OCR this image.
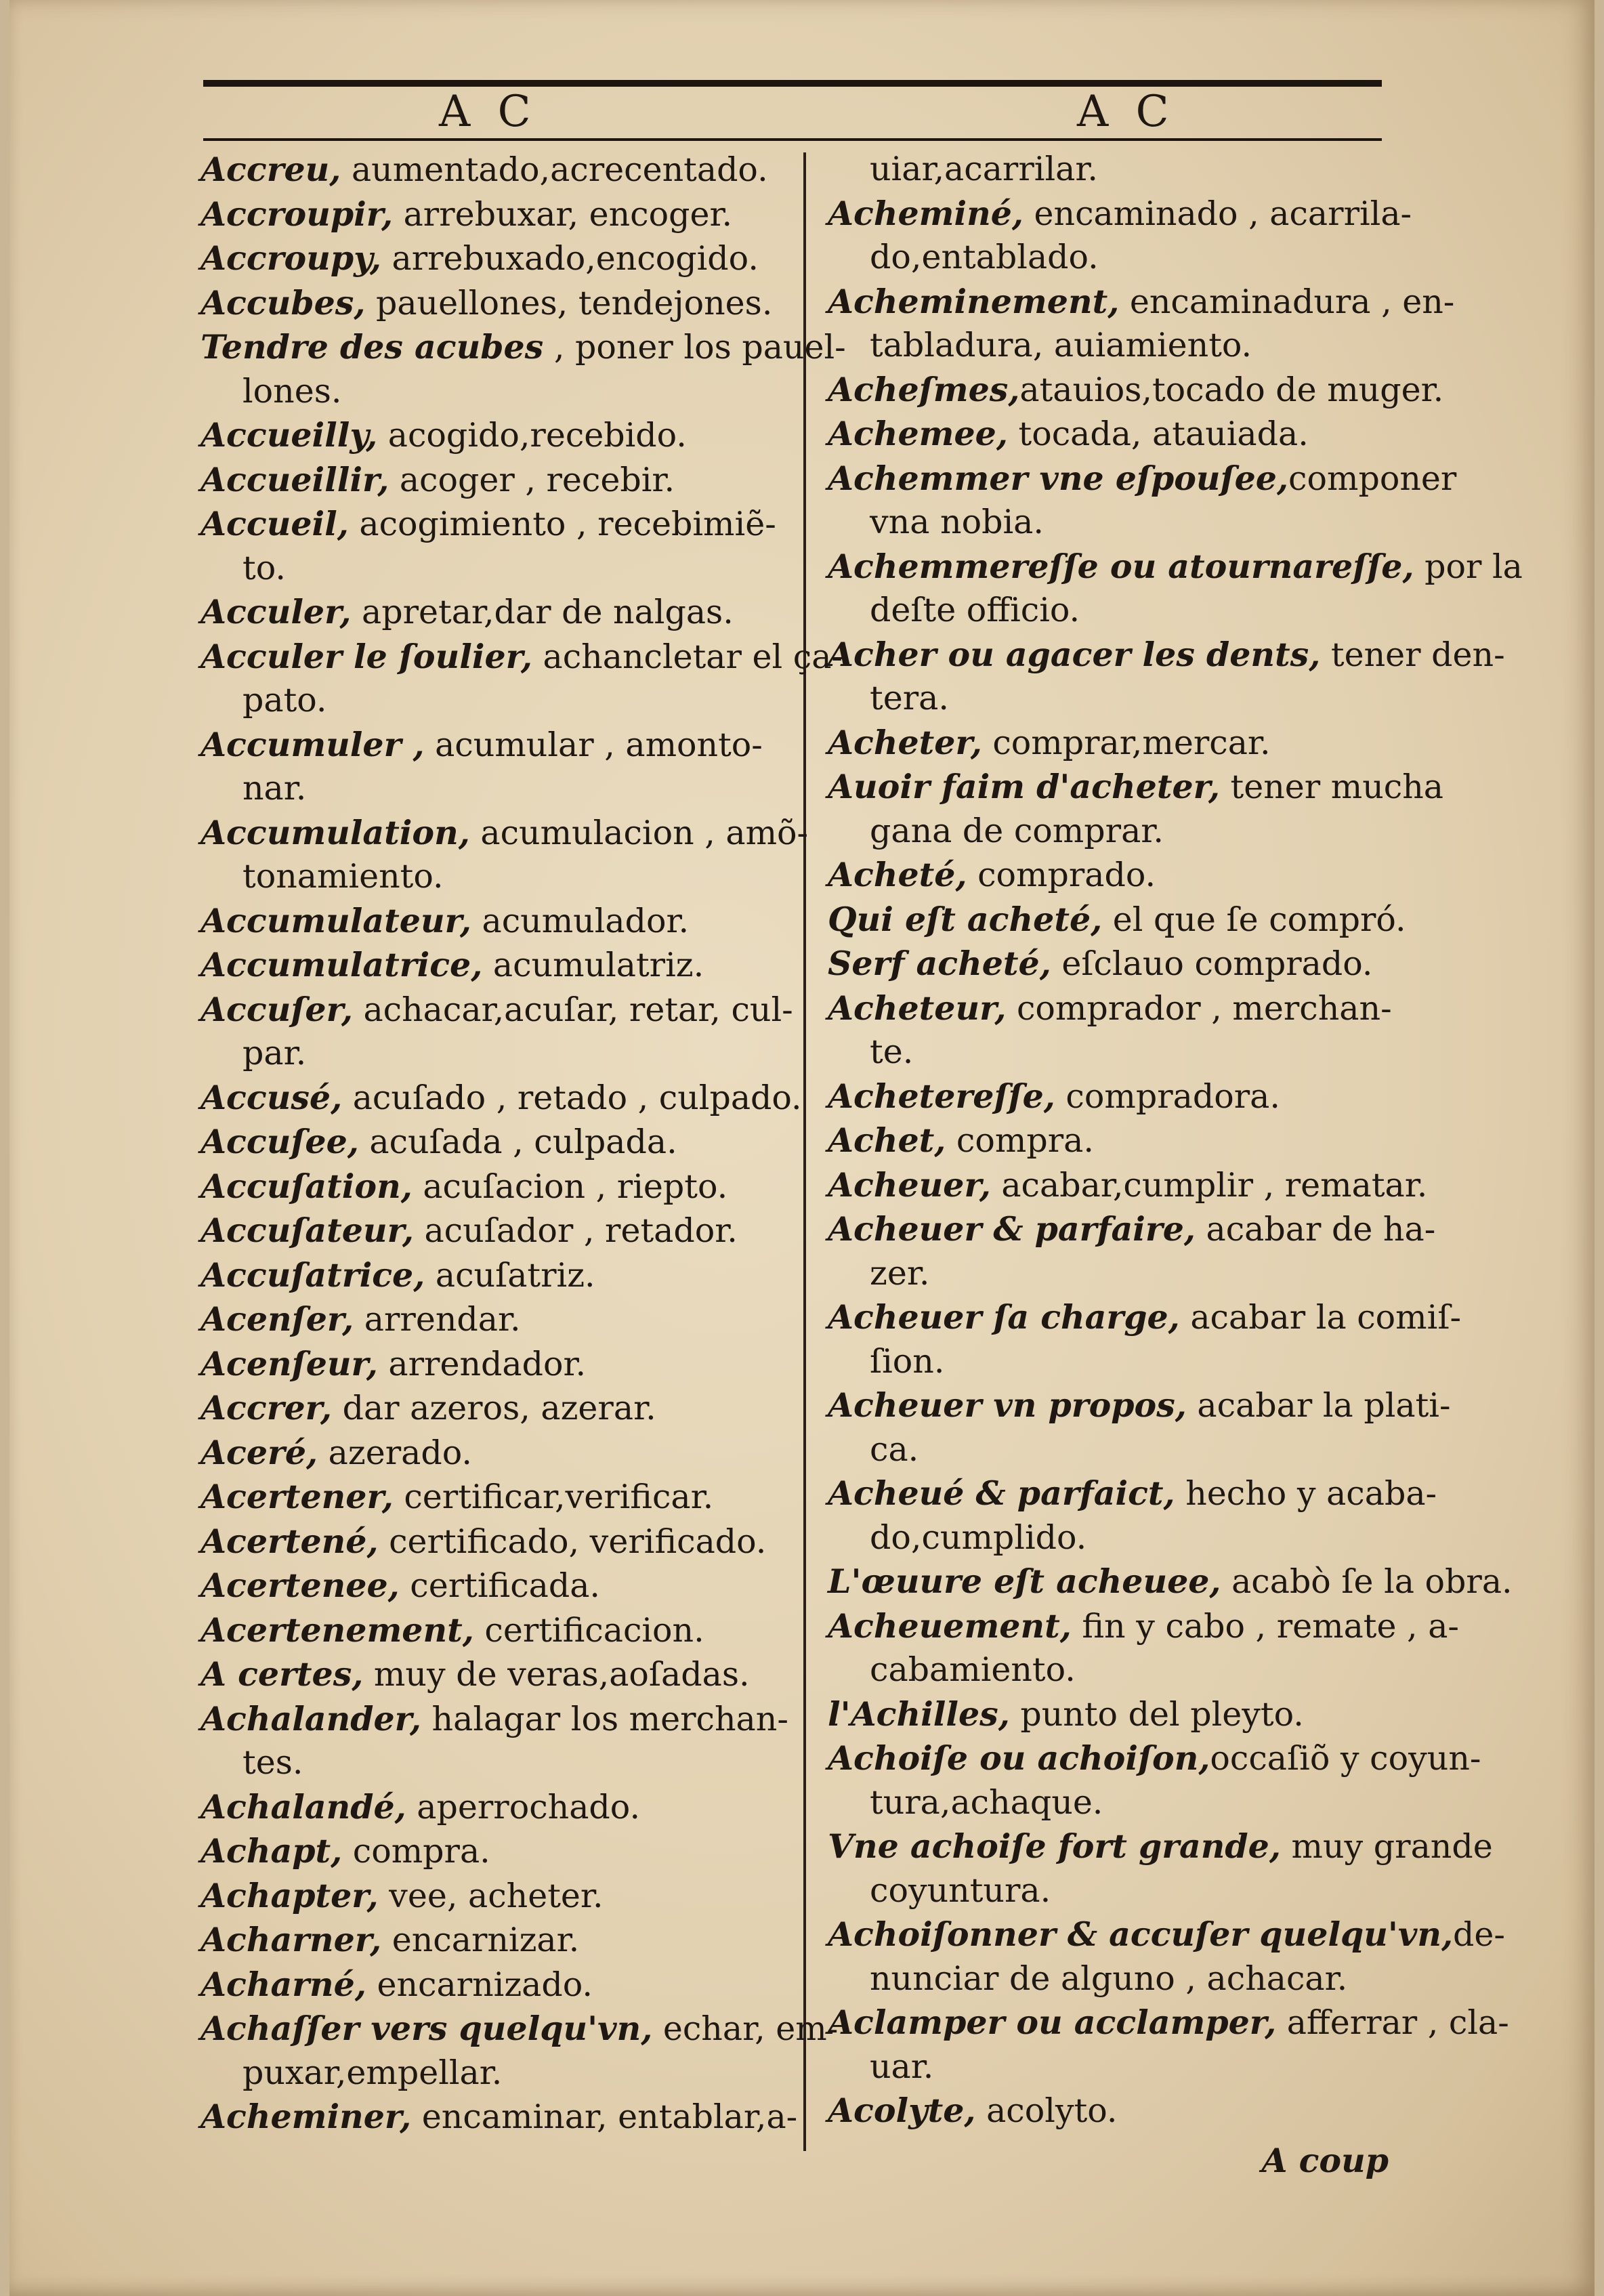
A C	A C
Accreu, aumentado,acrecentado.
Accroupir, arrebuxar, encoger.
Accroupy, arrebuxado,encogido.
Accubes, pauellones, tendejones.
Tendre des acubes , poner los pauel-
lones.
Accueilly, acogido,recebido.
Accueillir, acoger , recebir.
Accueil, acogimiento , recebimiẽ-
to.
Acculer, apretar,dar de nalgas.
Acculer le ſoulier, achancletar el ça-
pato.
Accumuler , acumular , amonto-
nar.
Accumulation, acumulacion , amõ-
tonamiento.
Accumulateur, acumulador.
Accumulatrice, acumulatriz.
Accuſer, achacar,acuſar, retar, cul-
par.
Accusé, acuſado , retado , culpado.
Accuſee, acuſada , culpada.
Accuſation, acuſacion , riepto.
Accuſateur, acuſador , retador.
Accuſatrice, acuſatriz.
Acenſer, arrendar.
Acenſeur, arrendador.
Accrer, dar azeros, azerar.
Aceré, azerado.
Acertener, certificar,verificar.
Acertené, certificado, verificado.
Acertenee, certificada.
Acertenement, certificacion.
A certes, muy de veras,aoſadas.
Achalander, halagar los merchan-
tes.
Achalandé, aperrochado.
Achapt, compra.
Achapter, vee, acheter.
Acharner, encarnizar.
Acharné, encarnizado.
Achaſſer vers quelqu'vn, echar, em-
puxar,empellar.
Acheminer, encaminar, entablar,a-
uiar,acarrilar.
Acheminé, encaminado , acarrila-
do,entablado.
Acheminement, encaminadura , en-
tabladura, auiamiento.
Acheſmes,atauios,tocado de muger.
Achemee, tocada, atauiada.
Achemmer vne eſpouſee,componer
vna nobia.
Achemmereſſe ou atournareſſe, por la
deſte officio.
Acher ou agacer les dents, tener den-
tera.
Acheter, comprar,mercar.
Auoir faim d'acheter, tener mucha
gana de comprar.
Acheté, comprado.
Qui eſt acheté, el que ſe compró.
Serf acheté, eſclauo comprado.
Acheteur, comprador , merchan-
te.
Achetereſſe, compradora.
Achet, compra.
Acheuer, acabar,cumplir , rematar.
Acheuer & parfaire, acabar de ha-
zer.
Acheuer ſa charge, acabar la comiſ-
ſion.
Acheuer vn propos, acabar la plati-
ca.
Acheué & parfaict, hecho y acaba-
do,cumplido.
L'œuure eſt acheuee, acabò ſe la obra.
Acheuement, fin y cabo , remate , a-
cabamiento.
l'Achilles, punto del pleyto.
Achoiſe ou achoiſon,occaſiõ y coyun-
tura,achaque.
Vne achoiſe fort grande, muy grande
coyuntura.
Achoiſonner & accuſer quelqu'vn,de-
nunciar de alguno , achacar.
Aclamper ou acclamper, afferrar , cla-
uar.
Acolyte, acolyto.
A coup
